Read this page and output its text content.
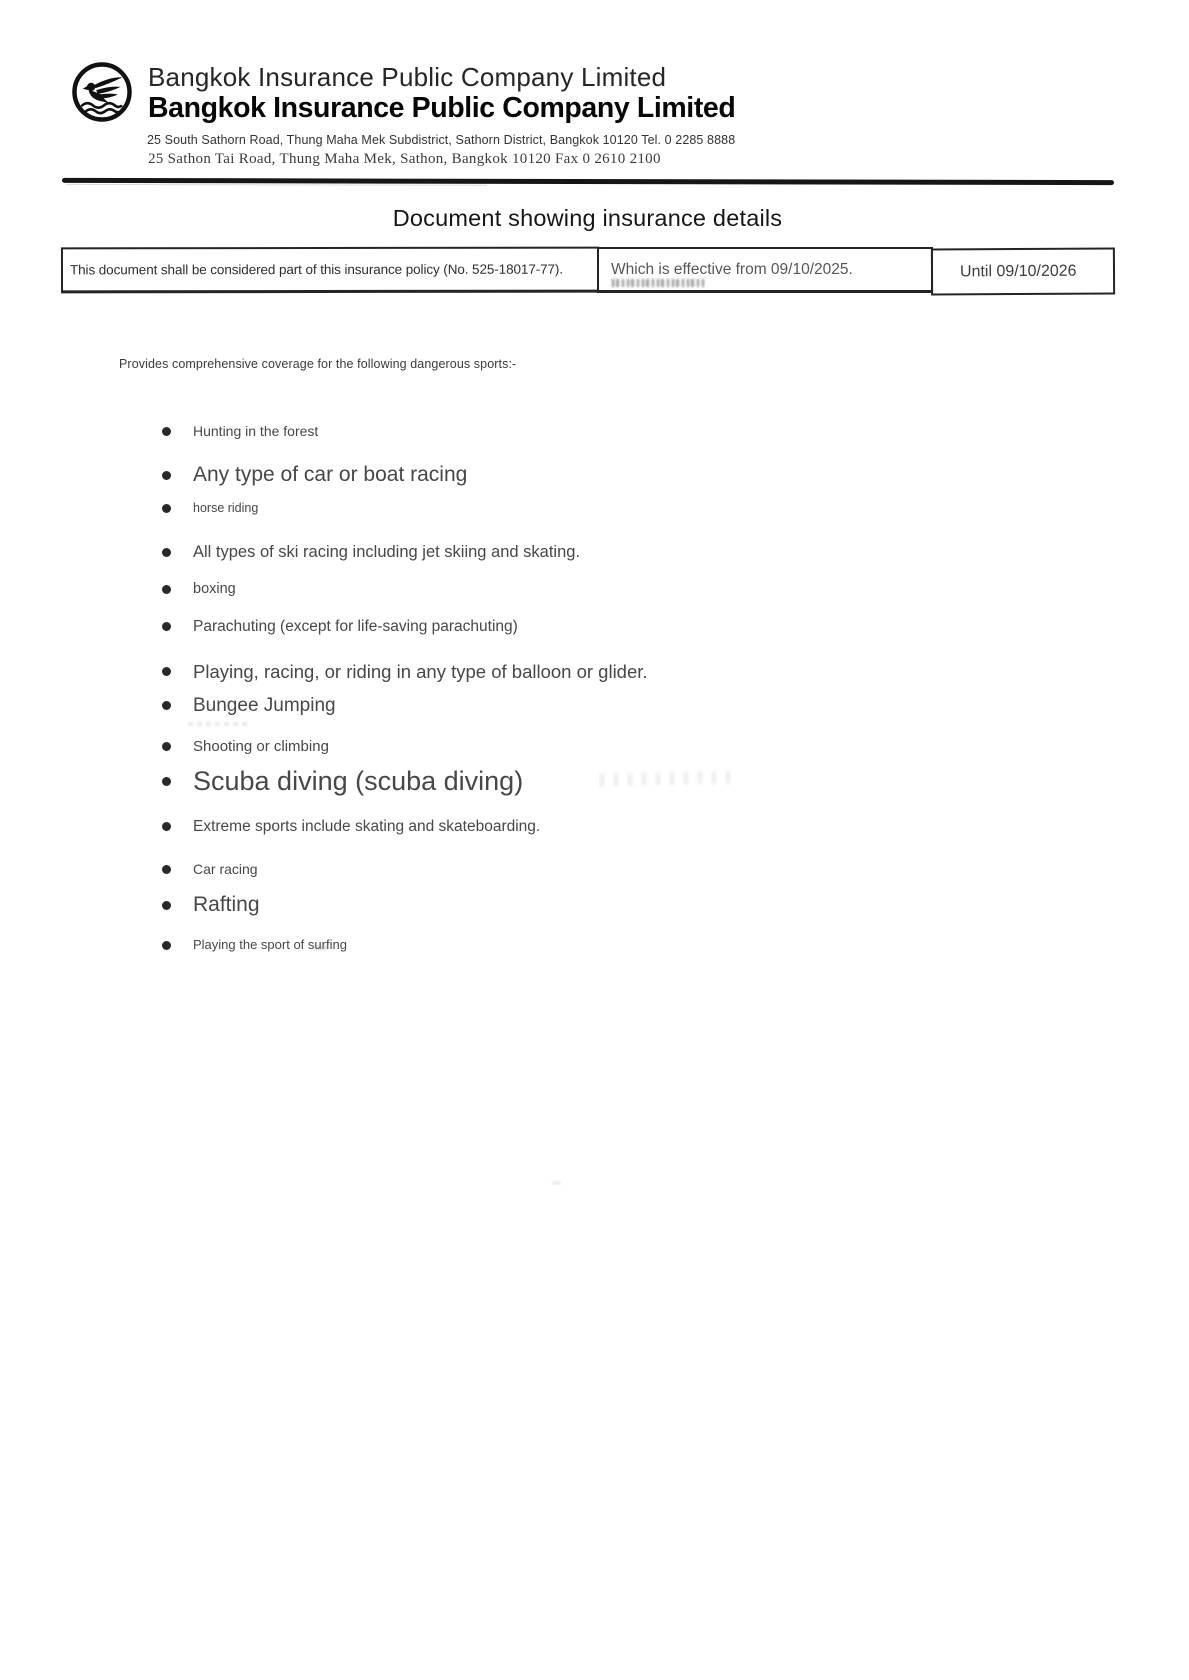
Bangkok Insurance Public Company Limited
Bangkok Insurance Public Company Limited
25 South Sathorn Road, Thung Maha Mek Subdistrict, Sathorn District, Bangkok 10120 Tel. 0 2285 8888
25 Sathon Tai Road, Thung Maha Mek, Sathon, Bangkok 10120 Fax 0 2610 2100
Document showing insurance details
This document shall be considered part of this insurance policy (No. 525-18017-77).	Which is effective from 09/10/2025.	Until 09/10/2026

Provides comprehensive coverage for the following dangerous sports:-

Hunting in the forest
Any type of car or boat racing
horse riding
All types of ski racing including jet skiing and skating.
boxing
Parachuting (except for life-saving parachuting)
Playing, racing, or riding in any type of balloon or glider.
Bungee Jumping
Shooting or climbing
Scuba diving (scuba diving)
Extreme sports include skating and skateboarding.
Car racing
Rafting
Playing the sport of surfing
